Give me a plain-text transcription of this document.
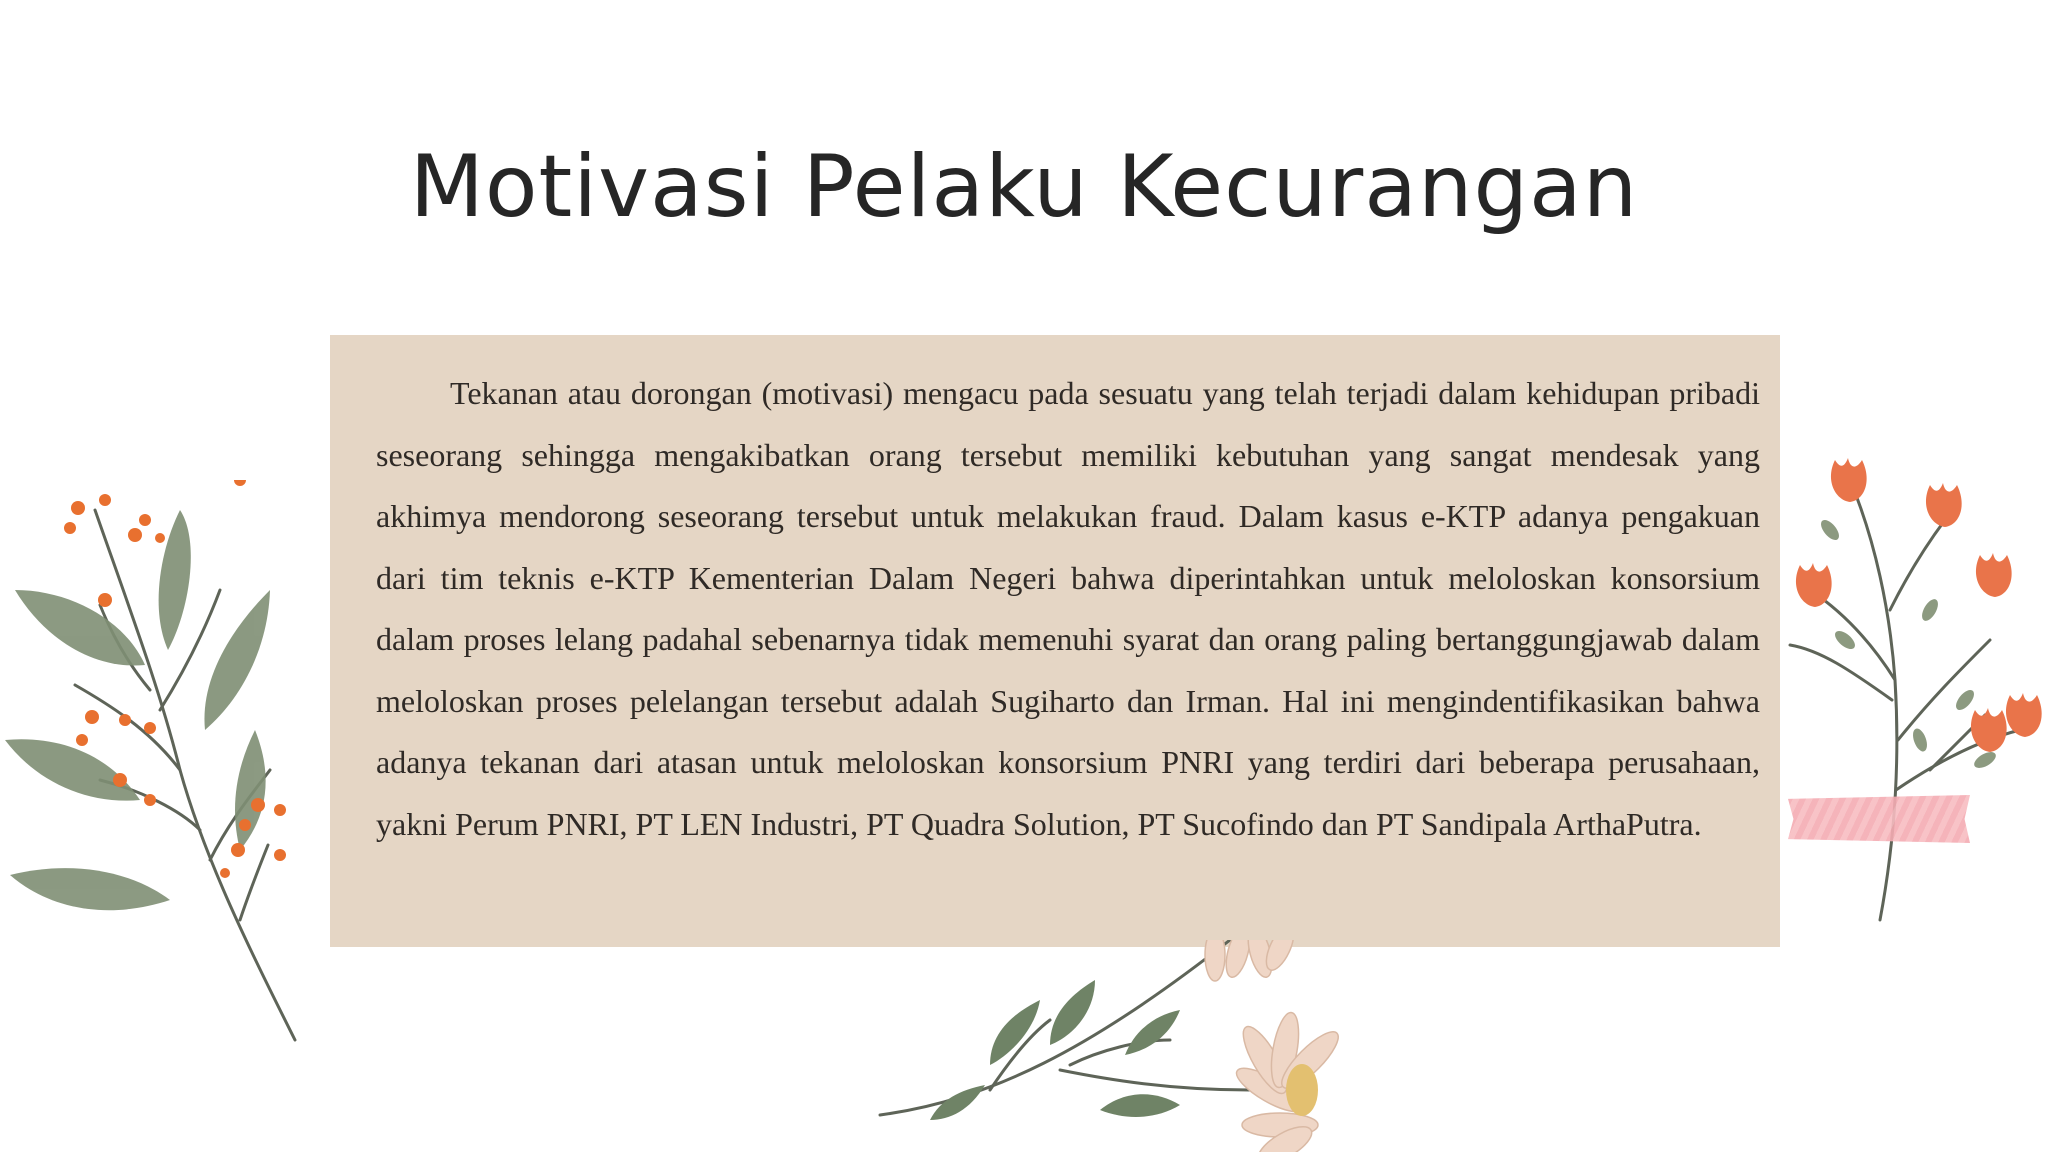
Motivasi Pelaku Kecurangan

Tekanan atau dorongan (motivasi) mengacu pada sesuatu yang telah terjadi dalam kehidupan pribadi seseorang sehingga mengakibatkan orang tersebut memiliki kebutuhan yang sangat mendesak yang akhimya mendorong seseorang tersebut untuk melakukan fraud. Dalam kasus e-KTP adanya pengakuan dari tim teknis e-KTP Kementerian Dalam Negeri bahwa diperintahkan untuk meloloskan konsorsium dalam proses lelang padahal sebenarnya tidak memenuhi syarat dan orang paling bertanggungjawab dalam meloloskan proses pelelangan tersebut adalah Sugiharto dan Irman. Hal ini mengindentifikasikan bahwa adanya tekanan dari atasan untuk meloloskan konsorsium PNRI yang terdiri dari beberapa perusahaan, yakni Perum PNRI, PT LEN Industri, PT Quadra Solution, PT Sucofindo dan PT Sandipala ArthaPutra.
